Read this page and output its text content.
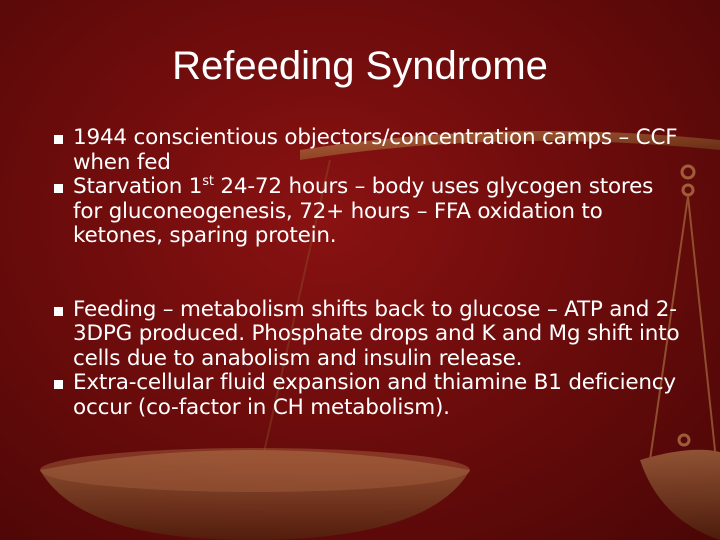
Refeeding Syndrome
1944 conscientious objectors/concentration camps – CCF when fed
Starvation 1st 24-72 hours – body uses glycogen stores for gluconeogenesis, 72+ hours – FFA oxidation to ketones, sparing protein.
Feeding – metabolism shifts back to glucose – ATP and 2-3DPG produced. Phosphate drops and K and Mg shift into cells due to anabolism and insulin release.
Extra-cellular fluid expansion and thiamine B1 deficiency occur (co-factor in CH metabolism).
